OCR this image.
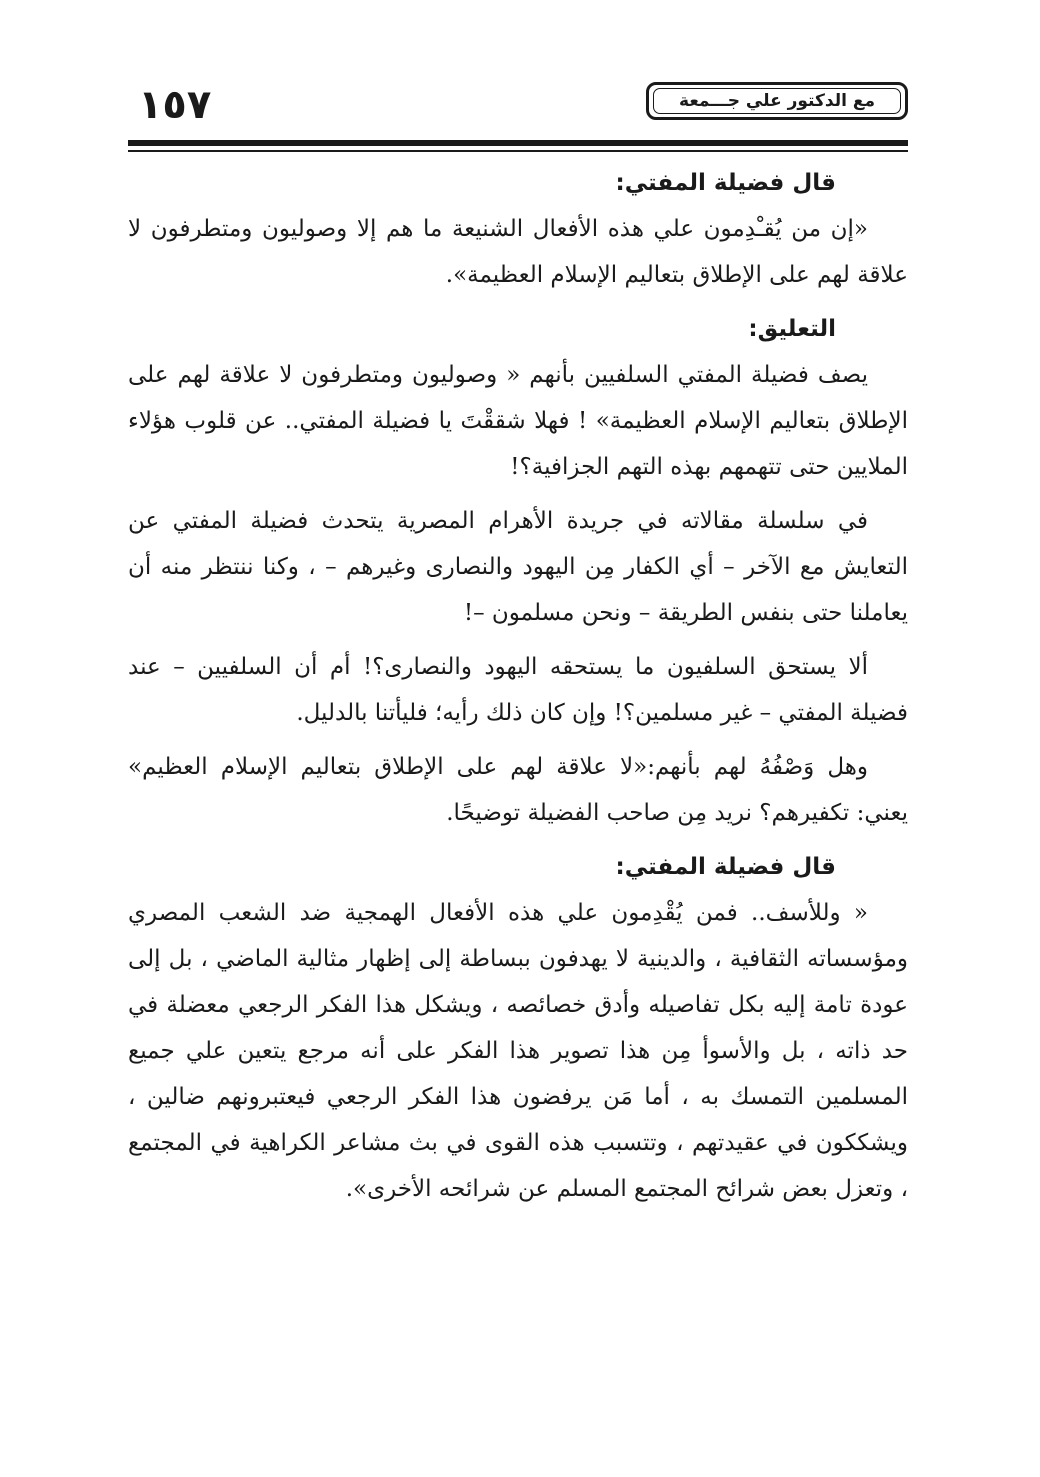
١٥٧	مع الدكتور علي جـــمعة
قال فضيلة المفتي:

«إن من يُقـْدِمون علي هذه الأفعال الشنيعة ما هم إلا وصوليون ومتطرفون لا علاقة لهم على الإطلاق بتعاليم الإسلام العظيمة».

التعليق:

يصف فضيلة المفتي السلفيين بأنهم « وصوليون ومتطرفون لا علاقة لهم على الإطلاق بتعاليم الإسلام العظيمة» ! فهلا شققْتَ يا فضيلة المفتي.. عن قلوب هؤلاء الملايين حتى تتهمهم بهذه التهم الجزافية؟!

في سلسلة مقالاته في جريدة الأهرام المصرية يتحدث فضيلة المفتي عن التعايش مع الآخر – أي الكفار مِن اليهود والنصارى وغيرهم – ، وكنا ننتظر منه أن يعاملنا حتى بنفس الطريقة – ونحن مسلمون –!

ألا يستحق السلفيون ما يستحقه اليهود والنصارى؟! أم أن السلفيين – عند فضيلة المفتي – غير مسلمين؟! وإن كان ذلك رأيه؛ فليأتنا بالدليل.

وهل وَصْفُهُ لهم بأنهم:«لا علاقة لهم على الإطلاق بتعاليم الإسلام العظيم» يعني: تكفيرهم؟ نريد مِن صاحب الفضيلة توضيحًا.

قال فضيلة المفتي:

« وللأسف.. فمن يُقْدِمون علي هذه الأفعال الهمجية ضد الشعب المصري ومؤسساته الثقافية ، والدينية لا يهدفون ببساطة إلى إظهار مثالية الماضي ، بل إلى عودة تامة إليه بكل تفاصيله وأدق خصائصه ، ويشكل هذا الفكر الرجعي معضلة في حد ذاته ، بل والأسوأ مِن هذا تصوير هذا الفكر على أنه مرجع يتعين علي جميع المسلمين التمسك به ، أما مَن يرفضون هذا الفكر الرجعي فيعتبرونهم ضالين ، ويشككون في عقيدتهم ، وتتسبب هذه القوى في بث مشاعر الكراهية في المجتمع ، وتعزل بعض شرائح المجتمع المسلم عن شرائحه الأخرى».
